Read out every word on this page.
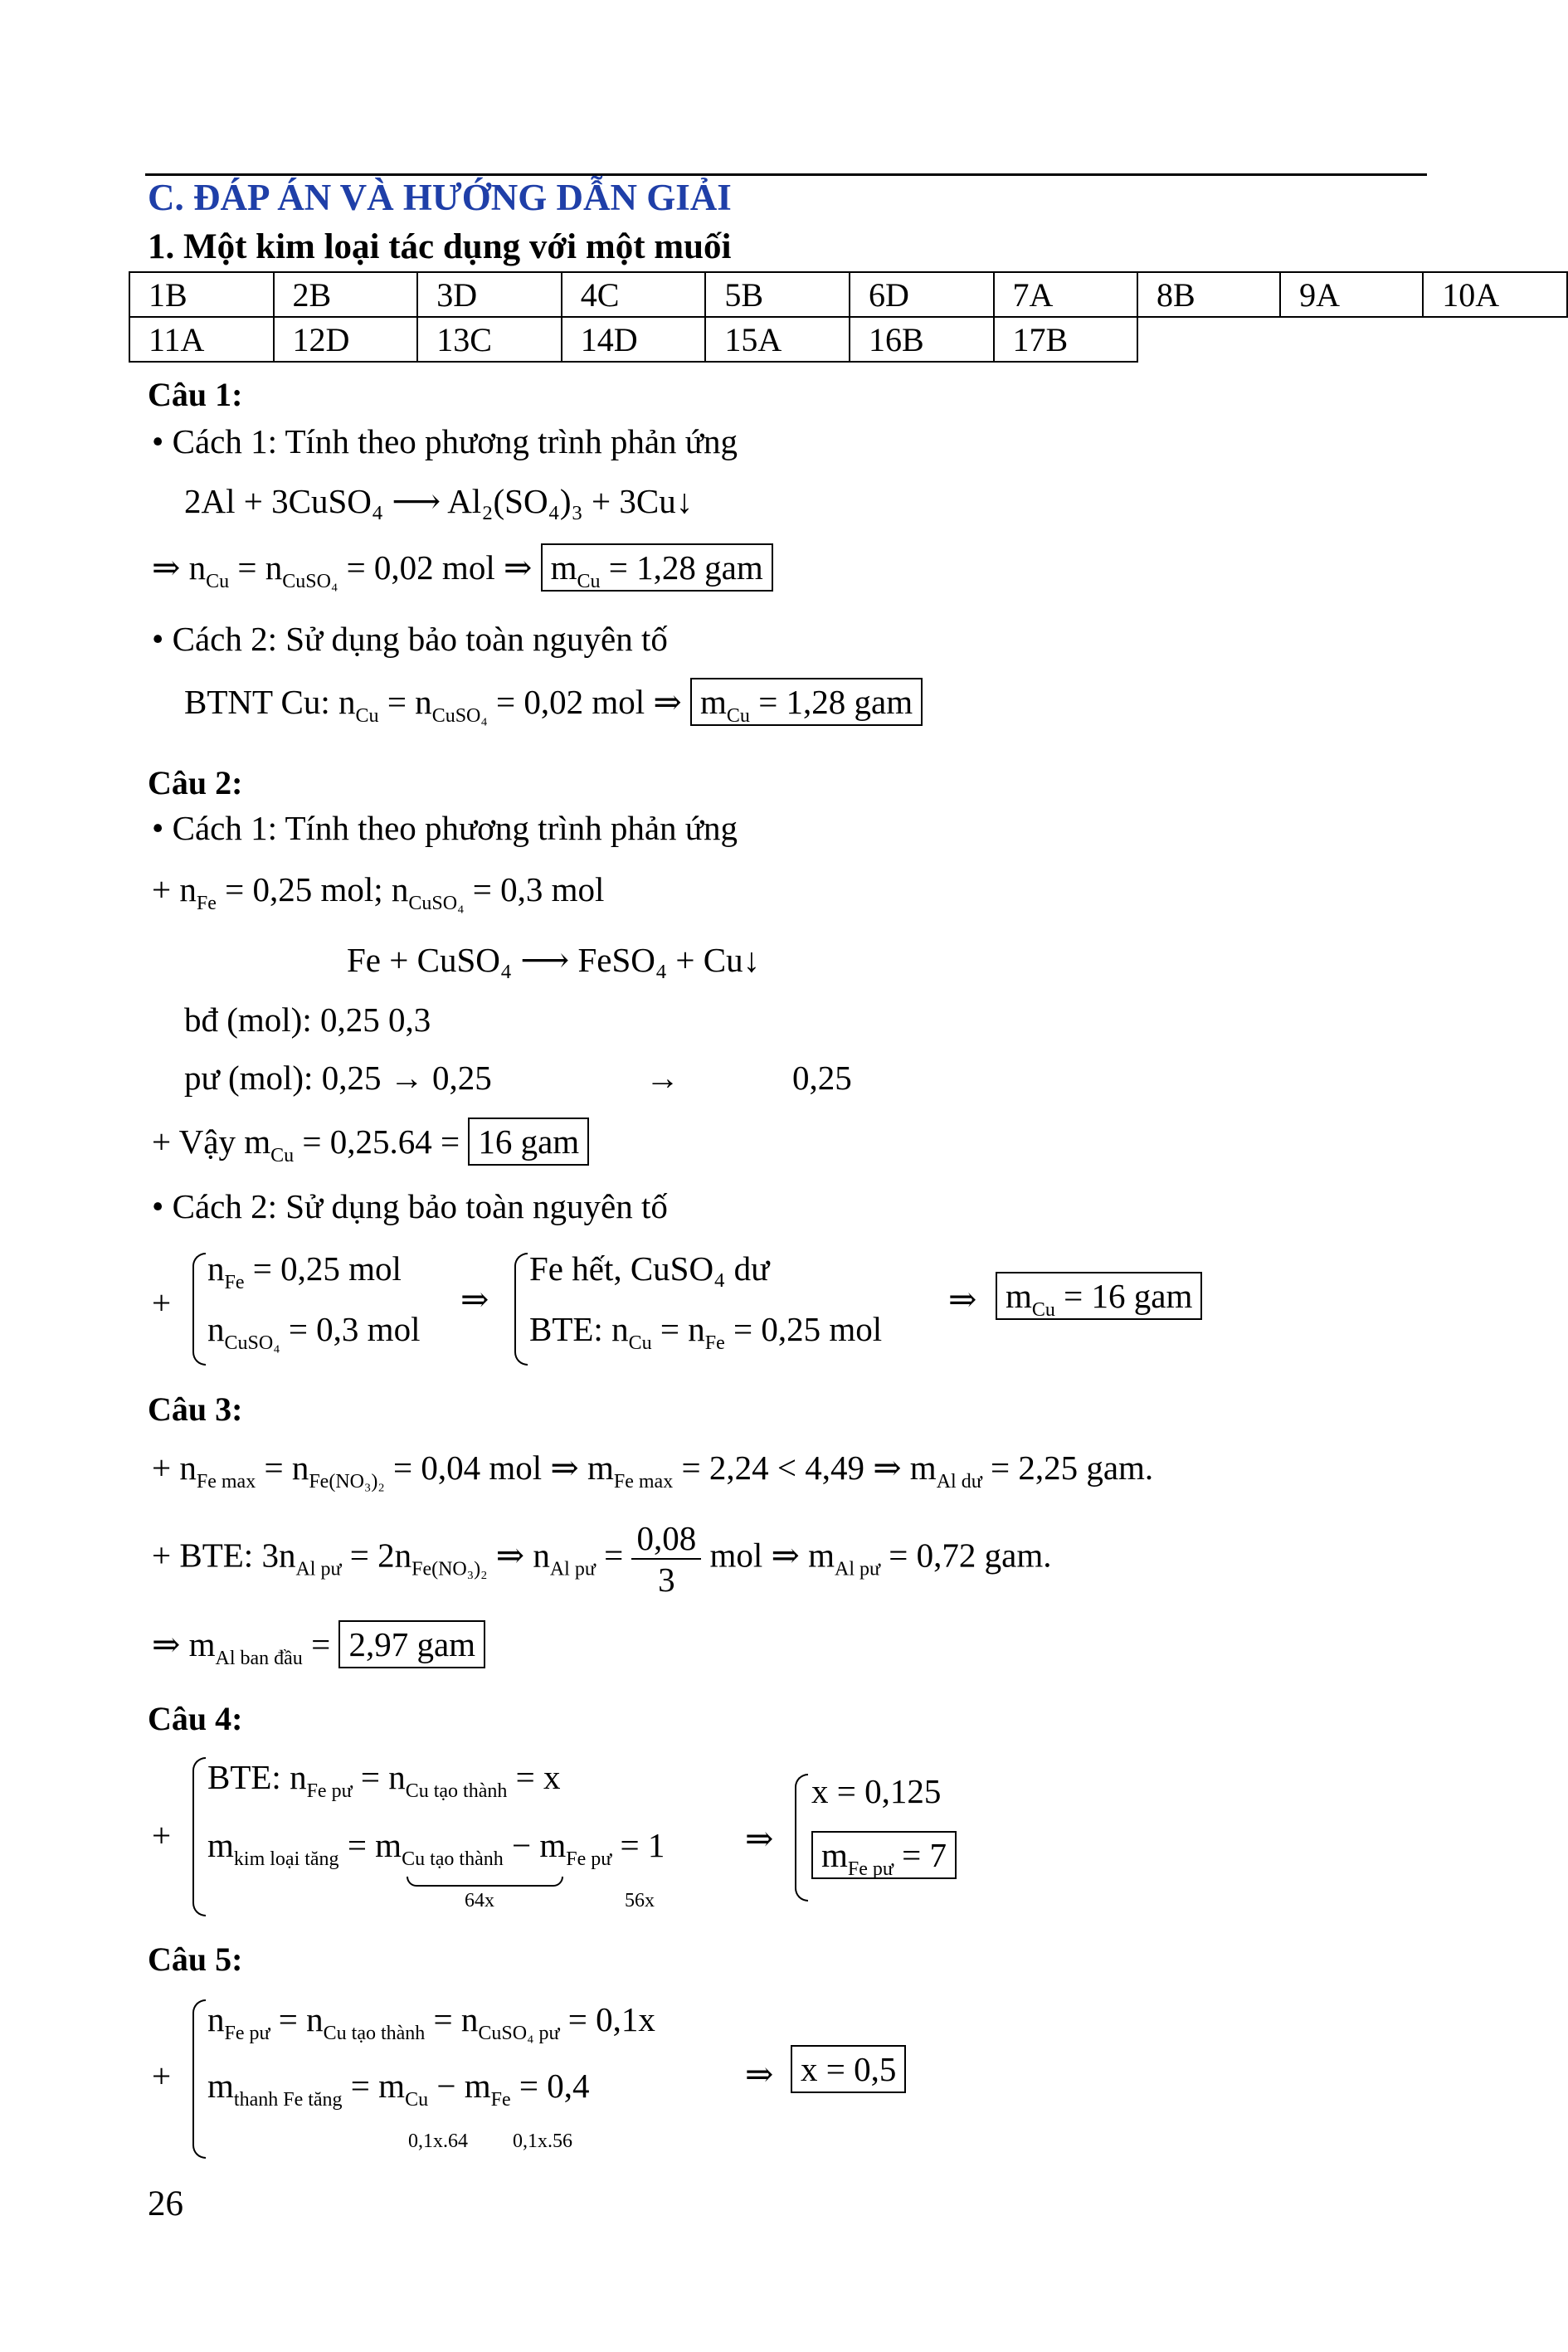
C. ĐÁP ÁN VÀ HƯỚNG DẪN GIẢI
1. Một kim loại tác dụng với một muối
1B	2B	3D	4C	5B	6D	7A	8B	9A	10A
11A	12D	13C	14D	15A	16B	17B			
Câu 1:
• Cách 1: Tính theo phương trình phản ứng
2Al + 3CuSO₄ ⟶ Al₂(SO₄)₃ + 3Cu↓
⇒ $n_{Cu} = n_{CuSO_4} = 0,02$ mol ⇒ $m_{Cu} = 1,28$ gam
• Cách 2: Sử dụng bảo toàn nguyên tố
BTNT Cu: $n_{Cu} = n_{CuSO_4} = 0,02$ mol ⇒ $m_{Cu} = 1,28$ gam
Câu 2:
• Cách 1: Tính theo phương trình phản ứng
+ $n_{Fe} = 0,25$ mol; $n_{CuSO_4} = 0,3$ mol
Fe + CuSO₄ ⟶ FeSO₄ + Cu↓
bđ (mol): 0,25 0,3
pư (mol): 0,25 → 0,25	→	0,25
+ Vậy $m_{Cu} = 0,25.64 = 16$ gam
• Cách 2: Sử dụng bảo toàn nguyên tố
+
$n_{Fe} = 0,25$ mol
$n_{CuSO_4} = 0,3$ mol
⇒
Fe hết, CuSO₄ dư
BTE: $n_{Cu} = n_{Fe} = 0,25$ mol
⇒ $m_{Cu} = 16$ gam
Câu 3:
+ $n_{Fe max} = n_{Fe(NO_3)_2} = 0,04$ mol ⇒ $m_{Fe max} = 2,24 < 4,49$ ⇒ $m_{Al dư} = 2,25$ gam.
+ BTE: $3n_{Al pư} = 2n_{Fe(NO_3)_2}$ ⇒ $n_{Al pư} = \frac{0,08}{3}$ mol ⇒ $m_{Al pư} = 0,72$ gam.
⇒ $m_{Al ban đầu} = 2,97$ gam
Câu 4:
+
BTE: $n_{Fe pư} = n_{Cu tạo thành} = x$
$m_{kim loại tăng} = m_{Cu tạo thành} - m_{Fe pư} = 1$
64x	56x
⇒
x = 0,125
$m_{Fe pư} = 7$
Câu 5:
+
$n_{Fe pư} = n_{Cu tạo thành} = n_{CuSO_4 pư} = 0,1x$
$m_{thanh Fe tăng} = m_{Cu} - m_{Fe} = 0,4$
0,1x.64 0,1x.56
⇒ x = 0,5
26
